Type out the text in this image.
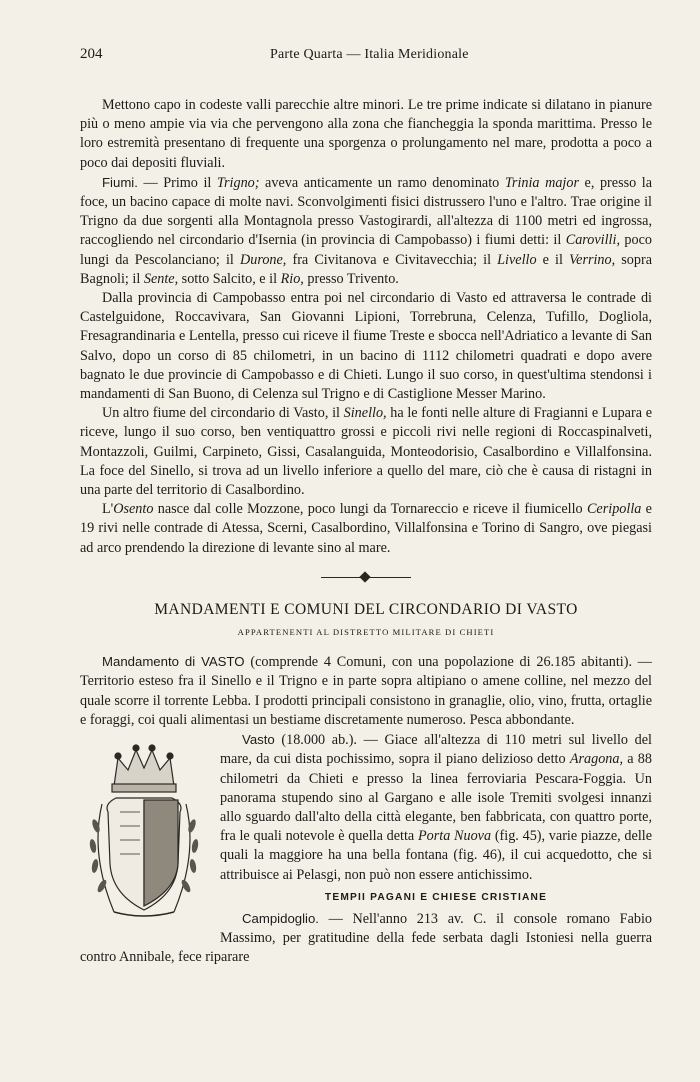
204	Parte Quarta — Italia Meridionale

Mettono capo in codeste valli parecchie altre minori. Le tre prime indicate si dilatano in pianure più o meno ampie via via che pervengono alla zona che fiancheggia la sponda marittima. Presso le loro estremità presentano di frequente una sporgenza o prolungamento nel mare, prodotta a poco a poco dai depositi fluviali.

Fiumi. — Primo il Trigno; aveva anticamente un ramo denominato Trinia major e, presso la foce, un bacino capace di molte navi. Sconvolgimenti fisici distrussero l'uno e l'altro. Trae origine il Trigno da due sorgenti alla Montagnola presso Vastogirardi, all'altezza di 1100 metri ed ingrossa, raccogliendo nel circondario d'Isernia (in provincia di Campobasso) i fiumi detti: il Carovilli, poco lungi da Pescolanciano; il Durone, fra Civitanova e Civitavecchia; il Livello e il Verrino, sopra Bagnoli; il Sente, sotto Salcito, e il Rio, presso Trivento.

Dalla provincia di Campobasso entra poi nel circondario di Vasto ed attraversa le contrade di Castelguidone, Roccavivara, San Giovanni Lipioni, Torrebruna, Celenza, Tufillo, Dogliola, Fresagrandinaria e Lentella, presso cui riceve il fiume Treste e sbocca nell'Adriatico a levante di San Salvo, dopo un corso di 85 chilometri, in un bacino di 1112 chilometri quadrati e dopo avere bagnato le due provincie di Campobasso e di Chieti. Lungo il suo corso, in quest'ultima stendonsi i mandamenti di San Buono, di Celenza sul Trigno e di Castiglione Messer Marino.

Un altro fiume del circondario di Vasto, il Sinello, ha le fonti nelle alture di Fragianni e Lupara e riceve, lungo il suo corso, ben ventiquattro grossi e piccoli rivi nelle regioni di Roccaspinalveti, Montazzoli, Guilmi, Carpineto, Gissi, Casalanguida, Monteodorisio, Casalbordino e Villalfonsina. La foce del Sinello, si trova ad un livello inferiore a quello del mare, ciò che è causa di ristagni in una parte del territorio di Casalbordino.

L'Osento nasce dal colle Mozzone, poco lungi da Tornareccio e riceve il fiumicello Ceripolla e 19 rivi nelle contrade di Atessa, Scerni, Casalbordino, Villalfonsina e Torino di Sangro, ove piegasi ad arco prendendo la direzione di levante sino al mare.

MANDAMENTI E COMUNI DEL CIRCONDARIO DI VASTO
APPARTENENTI AL DISTRETTO MILITARE DI CHIETI

Mandamento di VASTO (comprende 4 Comuni, con una popolazione di 26.185 abitanti). — Territorio esteso fra il Sinello e il Trigno e in parte sopra altipiano o amene colline, nel mezzo del quale scorre il torrente Lebba. I prodotti principali consistono in granaglie, olio, vino, frutta, ortaglie e foraggi, coi quali alimentasi un bestiame discretamente numeroso. Pesca abbondante.

Vasto (18.000 ab.). — Giace all'altezza di 110 metri sul livello del mare, da cui dista pochissimo, sopra il piano delizioso detto Aragona, a 88 chilometri da Chieti e presso la linea ferroviaria Pescara-Foggia. Un panorama stupendo sino al Gargano e alle isole Tremiti svolgesi innanzi allo sguardo dall'alto della città elegante, ben fabbricata, con quattro porte, fra le quali notevole è quella detta Porta Nuova (fig. 45), varie piazze, delle quali la maggiore ha una bella fontana (fig. 46), il cui acquedotto, che si attribuisce ai Pelasgi, non può non essere antichissimo.

TEMPII PAGANI E CHIESE CRISTIANE

Campidoglio. — Nell'anno 213 av. C. il console romano Fabio Massimo, per gratitudine della fede serbata dagli Istoniesi nella guerra contro Annibale, fece riparare
